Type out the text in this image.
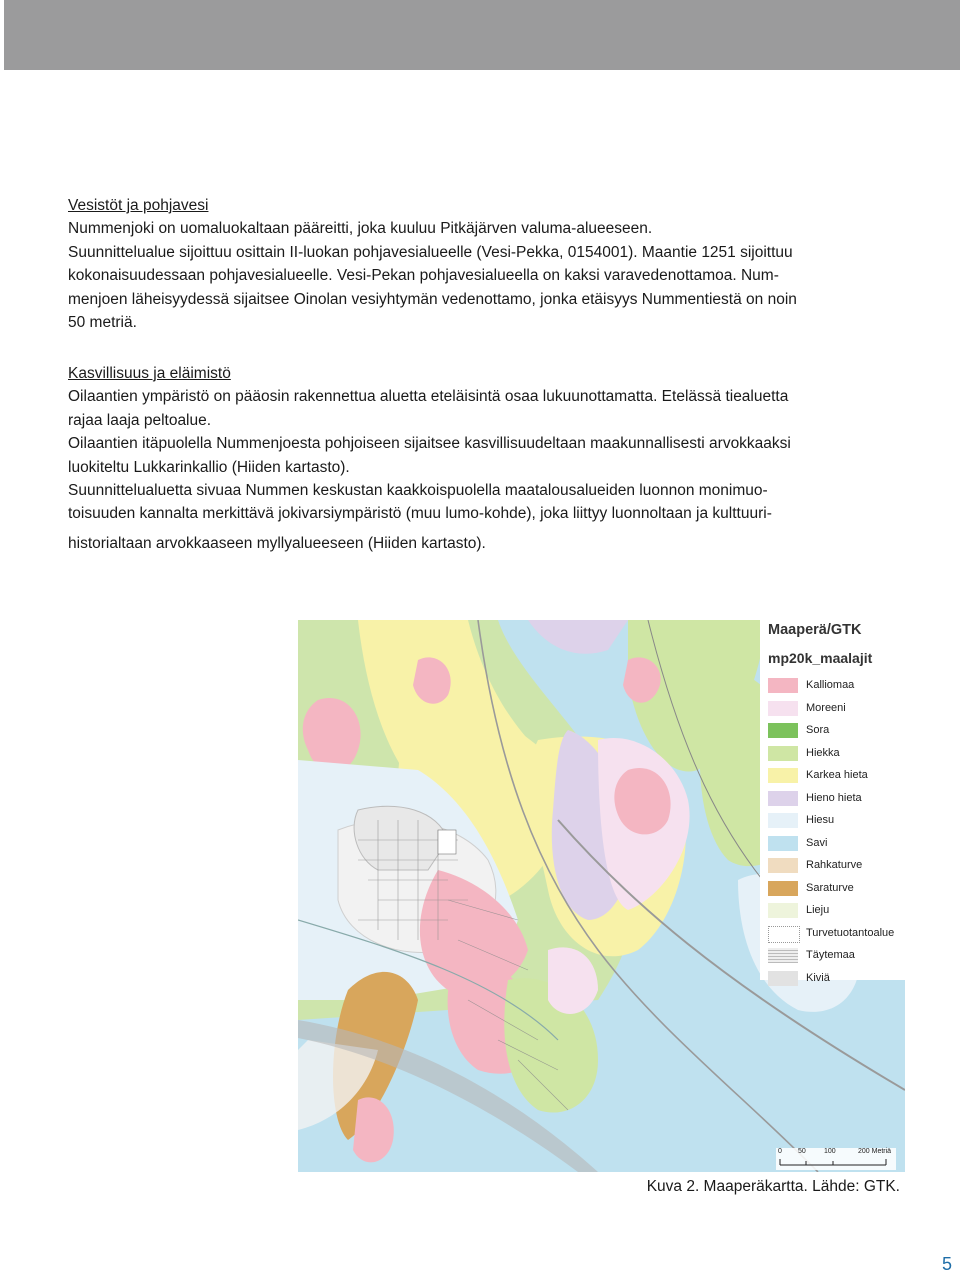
Vesistöt ja pohjavesi
Nummenjoki on uomaluokaltaan pääreitti, joka kuuluu Pitkäjärven valuma-alueeseen.
Suunnittelualue sijoittuu osittain II-luokan pohjavesialueelle (Vesi-Pekka, 0154001). Maantie 1251 sijoittuu
kokonaisuudessaan pohjavesialueelle. Vesi-Pekan pohjavesialueella on kaksi varavedenottamoa. Num-
menjoen läheisyydessä sijaitsee Oinolan vesiyhtymän vedenottamo, jonka etäisyys Nummentiestä on noin
50 metriä.
Kasvillisuus ja eläimistö
Oilaantien ympäristö on pääosin rakennettua aluetta eteläisintä osaa lukuunottamatta. Etelässä tiealuetta
rajaa laaja peltoalue.
Oilaantien itäpuolella Nummenjoesta pohjoiseen sijaitsee kasvillisuudeltaan maakunnallisesti arvokkaaksi
luokiteltu Lukkarinkallio (Hiiden kartasto).
Suunnittelualuetta sivuaa Nummen keskustan kaakkoispuolella maatalousalueiden luonnon monimuo-
toisuuden kannalta merkittävä jokivarsiympäristö (muu lumo-kohde), joka liittyy luonnoltaan ja kulttuuri-
historialtaan arvokkaaseen myllyalueeseen (Hiiden kartasto).
Maaperä/GTK
mp20k_maalajit
Kalliomaa
Moreeni
Sora
Hiekka
Karkea hieta
Hieno hieta
Hiesu
Savi
Rahkaturve
Saraturve
Lieju
Turvetuotantoalue
Täytemaa
Kiviä
0 50	100	200 Metriä

Kuva 2. Maaperäkartta. Lähde: GTK.

5
